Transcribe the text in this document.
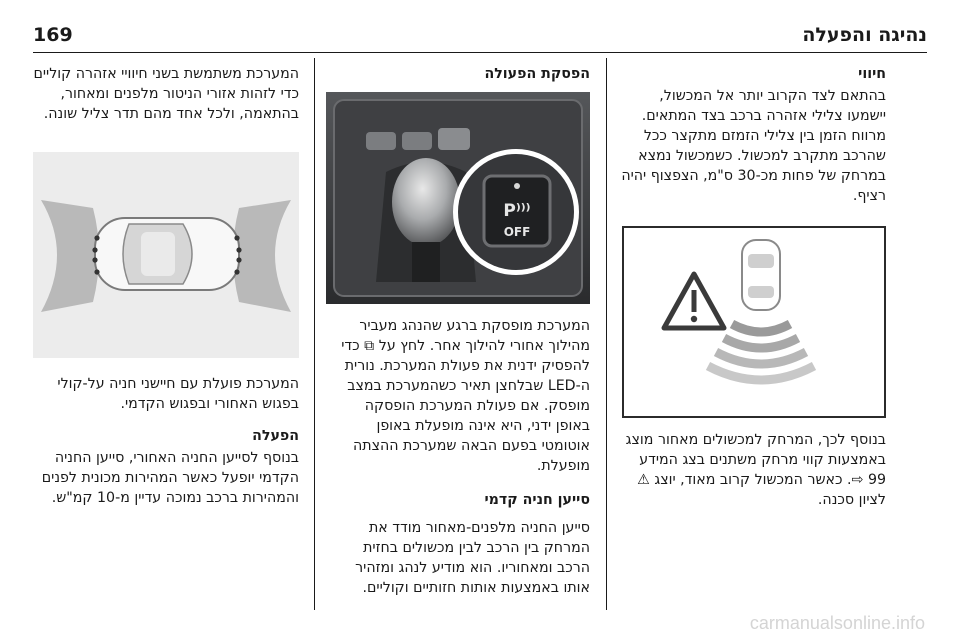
169	נהיגה והפעלה
חיווי

בהתאם לצד הקרוב יותר אל המכשול, יישמעו צלילי אזהרה ברכב בצד המתאים. מרווח הזמן בין צלילי הזמזם מתקצר ככל שהרכב מתקרב למכשול. כשמכשול נמצא במרחק של פחות מכ-30 ס"מ, הצפצוף יהיה רציף.

בנוסף לכך, המרחק למכשולים מאחור מוצג באמצעות קווי מרחק משתנים בצג המידע 99 ⇨. כאשר המכשול קרוב מאוד, יוצג ⚠ לציון סכנה.

הפסקת הפעולה

המערכת מופסקת ברגע שהנהג מעביר מהילוך אחורי להילוך אחר. לחץ על ⧉ כדי להפסיק ידנית את פעולת המערכת. נורית ה-LED שבלחצן תאיר כשהמערכת במצב מופסק. אם פעולת המערכת הופסקה באופן ידני, היא אינה מופעלת באופן אוטומטי בפעם הבאה שמערכת ההצתה מופעלת.

סייען חניה קדמי

סייען החניה מלפנים-מאחור מודד את המרחק בין הרכב לבין מכשולים בחזית הרכב ומאחוריו. הוא מודיע לנהג ומזהיר אותו באמצעות אותות חזותיים וקוליים.

P⁾⁾⁾
OFF

המערכת משתמשת בשני חיוויי אזהרה קוליים כדי לזהות אזורי הניטור מלפנים ומאחור, בהתאמה, ולכל אחד מהם תדר צליל שונה.

המערכת פועלת עם חיישני חניה על-קולי בפגוש האחורי ובפגוש הקדמי.

הפעלה

בנוסף לסייען החניה האחורי, סייען החניה הקדמי יופעל כאשר המהירות מכונית לפנים והמהירות ברכב נמוכה עדיין מ-10 קמ"ש.

carmanualsonline.info
